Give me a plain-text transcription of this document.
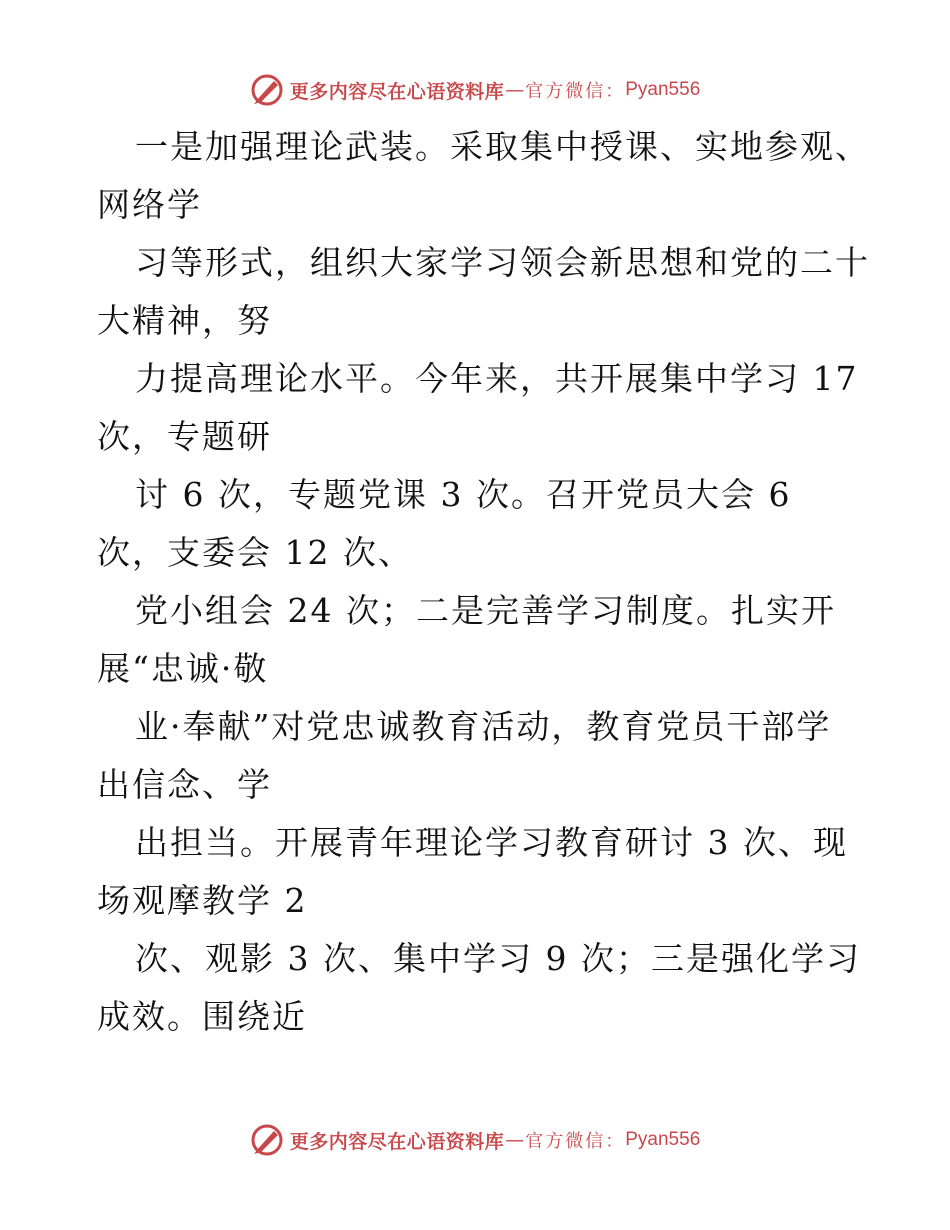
更多内容尽在心语资料库 — 官方微信： Pyan556
一是加强理论武装。采取集中授课、实地参观、
网络学
习等形式，组织大家学习领会新思想和党的二十
大精神，努
力提高理论水平。今年来，共开展集中学习 17
次，专题研
讨 6 次，专题党课 3 次。召开党员大会 6
次，支委会 12 次、
党小组会 24 次；二是完善学习制度。扎实开
展“忠诚·敬
业·奉献”对党忠诚教育活动，教育党员干部学
出信念、学
出担当。开展青年理论学习教育研讨 3 次、现
场观摩教学 2
次、观影 3 次、集中学习 9 次；三是强化学习
成效。围绕近
更多内容尽在心语资料库 — 官方微信： Pyan556
